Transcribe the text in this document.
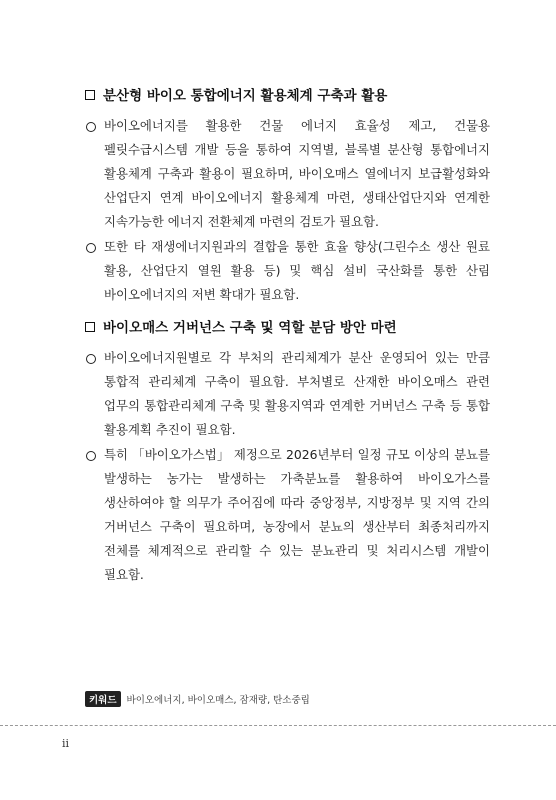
분산형 바이오 통합에너지 활용체계 구축과 활용
바이오에너지를 활용한 건물 에너지 효율성 제고, 건물용 펠릿수급시스템 개발 등을 통하여 지역별, 블록별 분산형 통합에너지 활용체계 구축과 활용이 필요하며, 바이오매스 열에너지 보급활성화와 산업단지 연계 바이오에너지 활용체계 마련, 생태산업단지와 연계한 지속가능한 에너지 전환체계 마련의 검토가 필요함.
또한 타 재생에너지원과의 결합을 통한 효율 향상(그린수소 생산 원료 활용, 산업단지 열원 활용 등) 및 핵심 설비 국산화를 통한 산림 바이오에너지의 저변 확대가 필요함.
바이오매스 거버넌스 구축 및 역할 분담 방안 마련
바이오에너지원별로 각 부처의 관리체계가 분산 운영되어 있는 만큼 통합적 관리체계 구축이 필요함. 부처별로 산재한 바이오매스 관련 업무의 통합관리체계 구축 및 활용지역과 연계한 거버넌스 구축 등 통합 활용계획 추진이 필요함.
특히 「바이오가스법」 제정으로 2026년부터 일정 규모 이상의 분뇨를 발생하는 농가는 발생하는 가축분뇨를 활용하여 바이오가스를 생산하여야 할 의무가 주어짐에 따라 중앙정부, 지방정부 및 지역 간의 거버넌스 구축이 필요하며, 농장에서 분뇨의 생산부터 최종처리까지 전체를 체계적으로 관리할 수 있는 분뇨관리 및 처리시스템 개발이 필요함.
키워드	바이오에너지, 바이오매스, 잠재량, 탄소중립
ii
